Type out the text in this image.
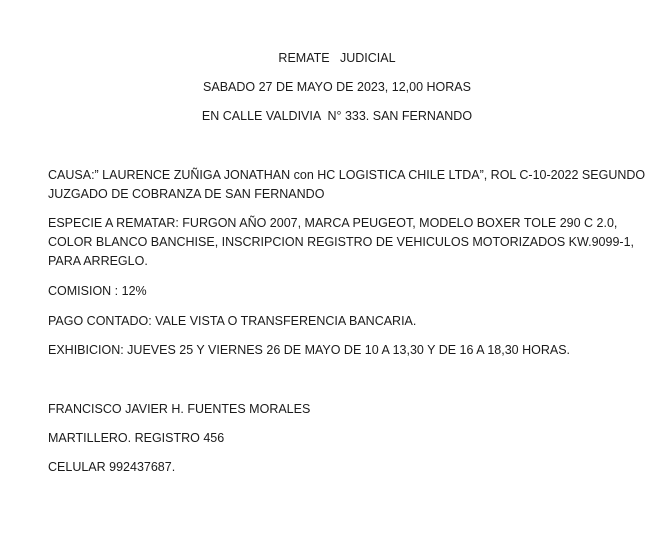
REMATE   JUDICIAL
SABADO 27 DE MAYO DE 2023, 12,00 HORAS
EN CALLE VALDIVIA  N° 333. SAN FERNANDO
CAUSA:” LAURENCE ZUÑIGA JONATHAN con HC LOGISTICA CHILE LTDA”, ROL C-10-2022 SEGUNDO
JUZGADO DE COBRANZA DE SAN FERNANDO
ESPECIE A REMATAR: FURGON AÑO 2007, MARCA PEUGEOT, MODELO BOXER TOLE 290 C 2.0,
COLOR BLANCO BANCHISE, INSCRIPCION REGISTRO DE VEHICULOS MOTORIZADOS KW.9099-1,
PARA ARREGLO.
COMISION : 12%
PAGO CONTADO: VALE VISTA O TRANSFERENCIA BANCARIA.
EXHIBICION: JUEVES 25 Y VIERNES 26 DE MAYO DE 10 A 13,30 Y DE 16 A 18,30 HORAS.
FRANCISCO JAVIER H. FUENTES MORALES
MARTILLERO. REGISTRO 456
CELULAR 992437687.
